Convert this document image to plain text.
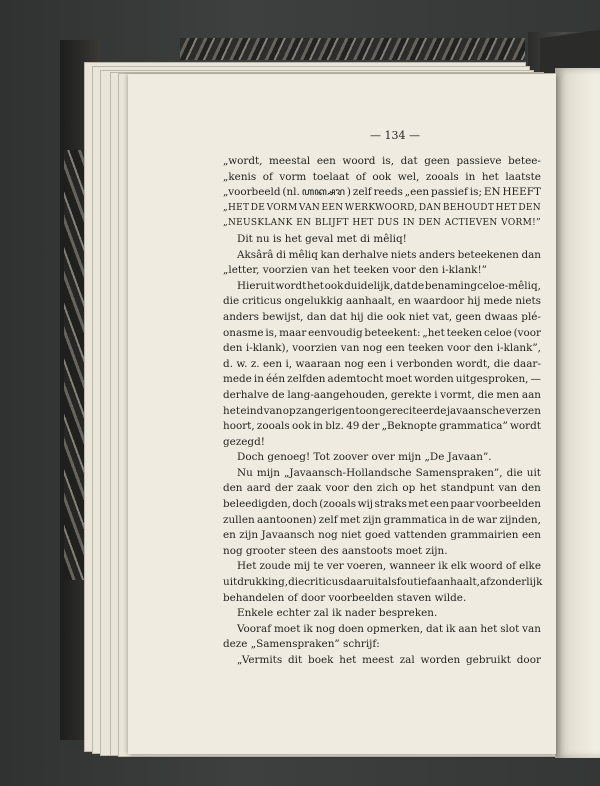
— 134 —
„wordt, meestal een woord is, dat geen passieve betee-
„kenis of vorm toelaat of ook wel, zooals in het laatste
„voorbeeld (nl. ꦲꦏ꧀ꦱꦫ ) zelf reeds „een passief is; EN HEEFT
„HET DE VORM VAN EEN WERKWOORD, DAN BEHOUDT HET DEN
„NEUSKLANK EN BLIJFT HET DUS IN DEN ACTIEVEN VORM!”
Dit nu is het geval met di mêliq!
Aksârâ di mêliq kan derhalve niets anders beteekenen dan
„letter, voorzien van het teeken voor den i-klank!”
Hieruit wordt het ook duidelijk, dat de benamingceloe-mêliq,
die criticus ongelukkig aanhaalt, en waardoor hij mede niets
anders bewijst, dan dat hij die ook niet vat, geen dwaas plé-
onasme is, maar eenvoudig beteekent: „het teeken celoe (voor
den i-klank), voorzien van nog een teeken voor den i-klank”,
d. w. z. een i, waaraan nog een i verbonden wordt, die daar-
mede in één zelfden ademtocht moet worden uitgesproken, —
derhalve de lang-aangehouden, gerekte i vormt, die men aan
het eind van op zangerigen toon gereciteerde javaansche verzen
hoort, zooals ook in blz. 49 der „Beknopte grammatica” wordt
gezegd!
Doch genoeg! Tot zoover over mijn „De Javaan”.
Nu mijn „Javaansch-Hollandsche Samenspraken”, die uit
den aard der zaak voor den zich op het standpunt van den
beleedigden, doch (zooals wij straks met een paar voorbeelden
zullen aantoonen) zelf met zijn grammatica in de war zijnden,
en zijn Javaansch nog niet goed vattenden grammairien een
nog grooter steen des aanstoots moet zijn.
Het zoude mij te ver voeren, wanneer ik elk woord of elke
uitdrukking, die criticus daaruit als foutief aanhaalt, afzonderlijk
behandelen of door voorbeelden staven wilde.
Enkele echter zal ik nader bespreken.
Vooraf moet ik nog doen opmerken, dat ik aan het slot van
deze „Samenspraken” schrijf:
„Vermits dit boek het meest zal worden gebruikt door
